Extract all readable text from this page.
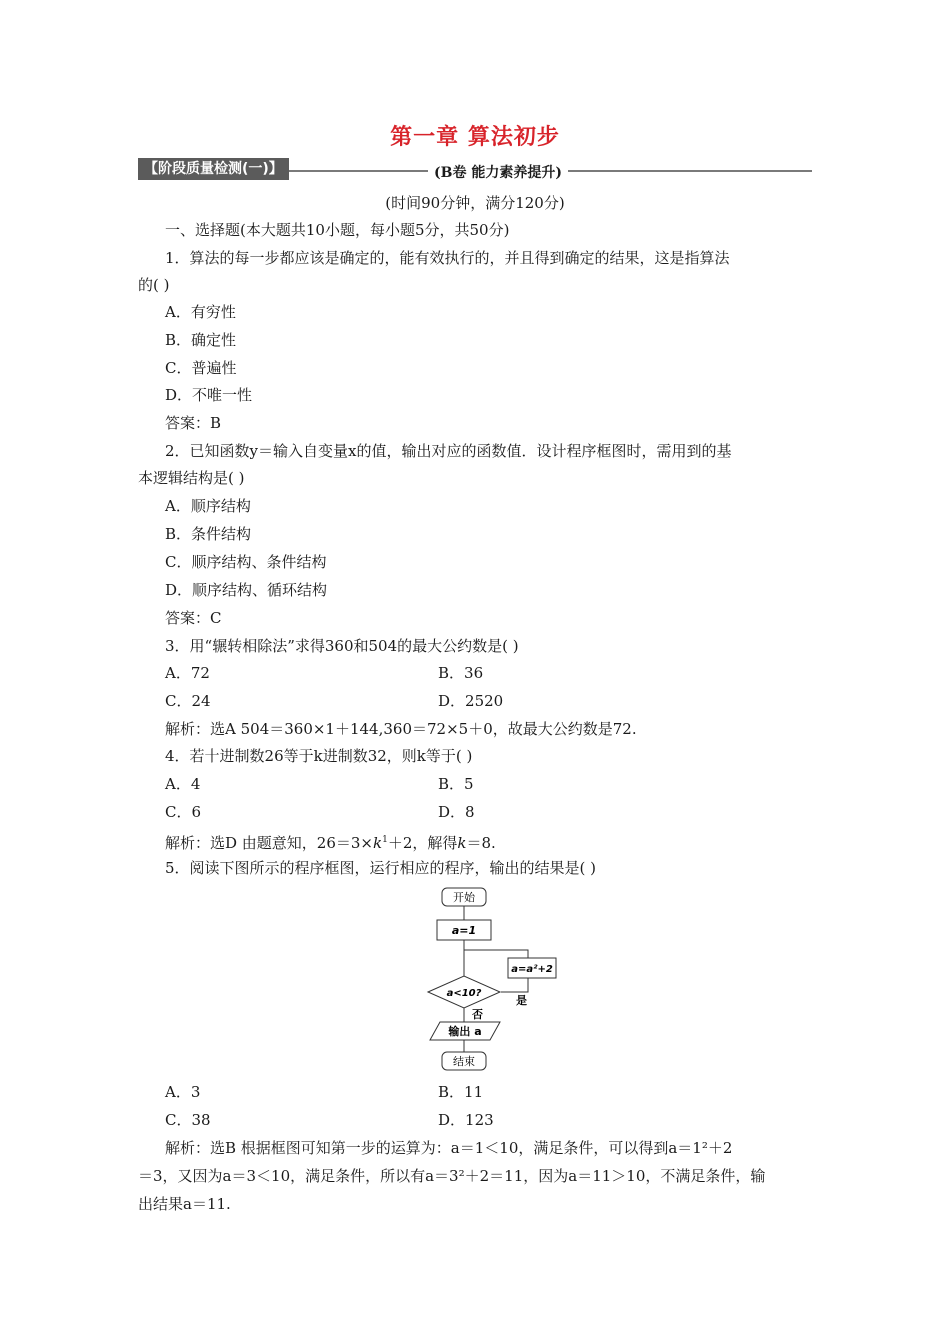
第一章 算法初步
【阶段质量检测(一)】	(B卷 能力素养提升)
(时间90分钟，满分120分)
一、选择题(本大题共10小题，每小题5分，共50分)
1．算法的每一步都应该是确定的，能有效执行的，并且得到确定的结果，这是指算法
的( )
A．有穷性
B．确定性
C．普遍性
D．不唯一性
答案：B
2．已知函数y＝输入自变量x的值，输出对应的函数值．设计程序框图时，需用到的基
本逻辑结构是( )
A．顺序结构
B．条件结构
C．顺序结构、条件结构
D．顺序结构、循环结构
答案：C
3．用“辗转相除法”求得360和504的最大公约数是( )
A．72	B．36
C．24	D．2520
解析：选A 504＝360×1＋144,360＝72×5＋0，故最大公约数是72.
4．若十进制数26等于k进制数32，则k等于( )
A．4	B．5
C．6	D．8
解析：选D 由题意知，$26=3\times k^1+2$，解得k＝8.
5．阅读下图所示的程序框图，运行相应的程序，输出的结果是( )
开始
a=1
a=a²+2
是
a<10?
否
输出 a
结束
A．3	B．11
C．38	D．123
解析：选B 根据框图可知第一步的运算为：a＝1＜10，满足条件，可以得到a＝1²＋2
＝3，又因为a＝3＜10，满足条件，所以有a＝3²＋2＝11，因为a＝11＞10，不满足条件，输
出结果a＝11.
